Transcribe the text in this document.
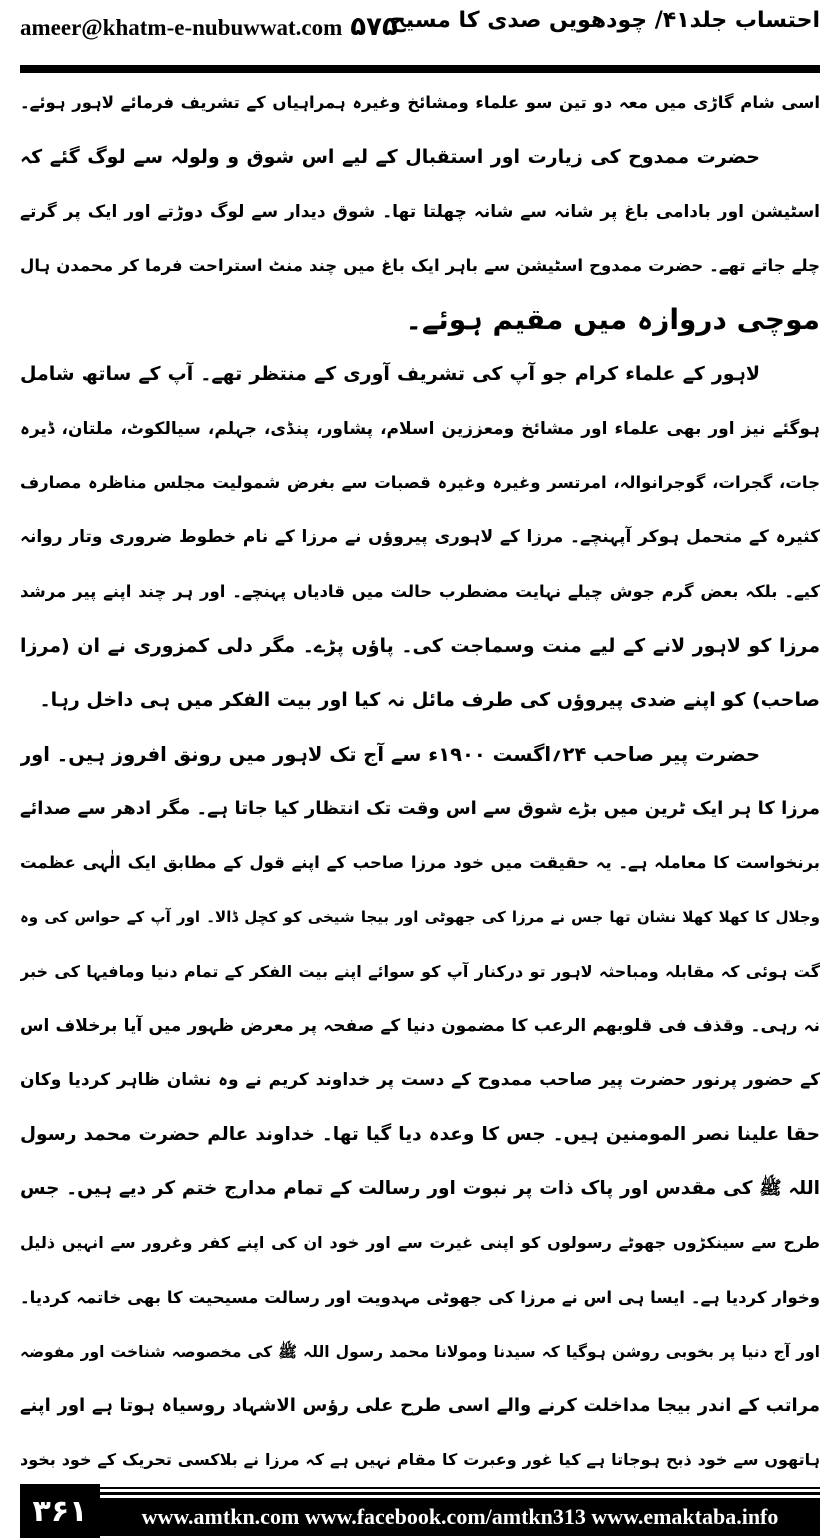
ameer@khatm-e-nubuwwat.com ۵۷۵
احتساب جلد۴۱/ چودھویں صدی کا مسیح
اسی شام گاڑی میں معہ دو تین سو علماء ومشائخ وغیرہ ہمراہیاں کے تشریف فرمائے لاہور ہوئے۔
حضرت ممدوح کی زیارت اور استقبال کے لیے اس شوق و ولولہ سے لوگ گئے کہ
اسٹیشن اور بادامی باغ پر شانہ سے شانہ چھلتا تھا۔ شوق دیدار سے لوگ دوڑتے اور ایک پر گرتے
چلے جاتے تھے۔ حضرت ممدوح اسٹیشن سے باہر ایک باغ میں چند منٹ استراحت فرما کر محمدن ہال
موچی دروازہ میں مقیم ہوئے۔
لاہور کے علماء کرام جو آپ کی تشریف آوری کے منتظر تھے۔ آپ کے ساتھ شامل
ہوگئے نیز اور بھی علماء اور مشائخ ومعززین اسلام، پشاور، پنڈی، جہلم، سیالکوٹ، ملتان، ڈیرہ
جات، گجرات، گوجرانوالہ، امرتسر وغیرہ وغیرہ قصبات سے بغرض شمولیت مجلس مناظرہ مصارف
کثیرہ کے متحمل ہوکر آپہنچے۔ مرزا کے لاہوری پیروؤں نے مرزا کے نام خطوط ضروری وتار روانہ
کیے۔ بلکہ بعض گرم جوش چیلے نہایت مضطرب حالت میں قادیاں پہنچے۔ اور ہر چند اپنے پیر مرشد
مرزا کو لاہور لانے کے لیے منت وسماجت کی۔ پاؤں پڑے۔ مگر دلی کمزوری نے ان (مرزا
صاحب) کو اپنے ضدی پیروؤں کی طرف مائل نہ کیا اور بیت الفکر میں ہی داخل رہا۔
حضرت پیر صاحب ۲۴؍اگست ۱۹۰۰ء سے آج تک لاہور میں رونق افروز ہیں۔ اور
مرزا کا ہر ایک ٹرین میں بڑے شوق سے اس وقت تک انتظار کیا جاتا ہے۔ مگر ادھر سے صدائے
برنخواست کا معاملہ ہے۔ یہ حقیقت میں خود مرزا صاحب کے اپنے قول کے مطابق ایک الٰہی عظمت
وجلال کا کھلا کھلا نشان تھا جس نے مرزا کی جھوٹی اور بیجا شیخی کو کچل ڈالا۔ اور آپ کے حواس کی وہ
گت ہوئی کہ مقابلہ ومباحثہ لاہور تو درکنار آپ کو سوائے اپنے بیت الفکر کے تمام دنیا ومافیہا کی خبر
نہ رہی۔ وقذف فی قلوبھم الرعب کا مضمون دنیا کے صفحہ پر معرض ظہور میں آیا برخلاف اس
کے حضور پرنور حضرت پیر صاحب ممدوح کے دست پر خداوند کریم نے وہ نشان ظاہر کردیا وکان
حقا علینا نصر المومنین ہیں۔ جس کا وعدہ دیا گیا تھا۔ خداوند عالم حضرت محمد رسول
اللہ ﷺ کی مقدس اور پاک ذات پر نبوت اور رسالت کے تمام مدارج ختم کر دیے ہیں۔ جس
طرح سے سینکڑوں جھوٹے رسولوں کو اپنی غیرت سے اور خود ان کی اپنے کفر وغرور سے انہیں ذلیل
وخوار کردیا ہے۔ ایسا ہی اس نے مرزا کی جھوٹی مہدویت اور رسالت مسیحیت کا بھی خاتمہ کردیا۔
اور آج دنیا پر بخوبی روشن ہوگیا کہ سیدنا ومولانا محمد رسول اللہ ﷺ کی مخصوصہ شناخت اور مفوضہ
مراتب کے اندر بیجا مداخلت کرنے والے اسی طرح علی رؤس الاشہاد روسیاہ ہوتا ہے اور اپنے
ہاتھوں سے خود ذبح ہوجاتا ہے کیا غور وعبرت کا مقام نہیں ہے کہ مرزا نے بلاکسی تحریک کے خود بخود
۳۶۱	www.amtkn.com www.facebook.com/amtkn313 www.emaktaba.info
